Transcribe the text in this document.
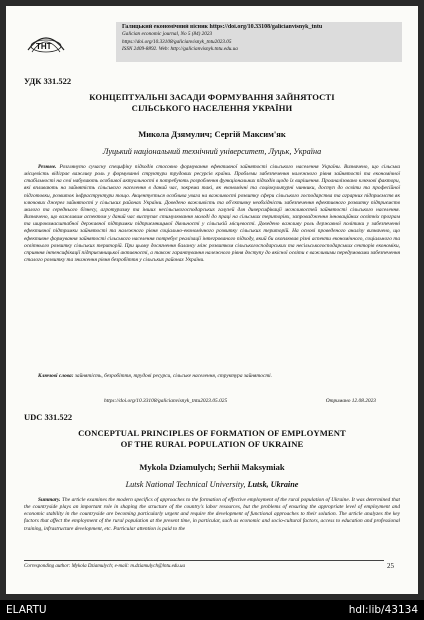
ТНТ
Галицький економічний вісник https://doi.org/10.33108/galicianvisnyk_tntu
Galician economic journal, No 5 (84) 2023
https://doi.org/10.33108/galicianvisnyk_tntu2023.05
ISSN 2409-8892. Web: http://galicianvisnyk.tntu.edu.ua
УДК 331.522
КОНЦЕПТУАЛЬНІ ЗАСАДИ ФОРМУВАННЯ ЗАЙНЯТОСТІ
СІЛЬСЬКОГО НАСЕЛЕННЯ УКРАЇНИ
Микола Дзямулич; Сергій Максим'як
Луцький національний технічний університет, Луцьк, Україна
Резюме. Розглянуто сучасну специфіку підходів стосовно формування ефективної зайнятості сільського населення України. Визначено, що сільська місцевість відіграє важливу роль у формуванні структури трудових ресурсів країни. Проблеми забезпечення належного рівня зайнятості та економічної стабільності на селі набувають особливої актуальності в потребують розроблення функціональних підходів щодо їх вирішення. Проаналізовано ключові фактори, які впливають на зайнятість сільського населення в даний час, зокрема такі, як економічні та соціокультурні чинники, доступ до освіти та професійної підготовки, розвиток інфраструктури тощо. Акцентується особлива увага на важливості розвитку сфери сільського господарства та аграрних підприємств як ключових джерел зайнятості у сільських районах України. Доведено важливість та об'єктивну необхідність забезпечення ефективного розвитку підприємств малого та середнього бізнесу, агротуризму та інших несільськогосподарських галузей для диверсифікації можливостей зайнятості сільського населення. Визначено, що важливим аспектом у даний час виступає стимулювання молоді до праці на сільських територіях, запровадження інноваційних освітніх програм та широкомасштабної державної підтримки підприємницької діяльності у сільській місцевості. Доведено важливу роль державної політики у забезпеченні ефективної підтримки зайнятості та належного рівня соціально-економічного розвитку сільських територій. На основі проведеного аналізу визначено, що ефективне формування зайнятості сільського населення потребує реалізації інтегрованого підходу, який би охоплював різні аспекти економічного, соціального та освітнього розвитку сільських територій. При цьому досягнення балансу між розвитком сільськогосподарських та несільськогосподарських секторів економіки, сприяння інтенсифікації підприємницької активності, а також гарантування належного рівня доступу до якісної освіти є важливими передумовами забезпечення сталого розвитку та зниження рівня безробіття у сільських районах України.
Ключові слова: зайнятість, безробіття, трудові ресурси, сільське населення, структура зайнятості.
https://doi.org/10.33108/galicianvisnyk_tntu2023.05.025	Отримано 12.08.2023
UDC 331.522
CONCEPTUAL PRINCIPLES OF FORMATION OF EMPLOYMENT
OF THE RURAL POPULATION OF UKRAINE
Mykola Dziamulych; Serhii Maksymiak
Lutsk National Technical University, Lutsk, Ukraine
Summary. The article examines the modern specifics of approaches to the formation of effective employment of the rural population of Ukraine. It was determined that the countryside plays an important role in shaping the structure of the country's labor resources, but the problems of ensuring the appropriate level of employment and economic stability in the countryside are becoming particularly urgent and require the development of functional approaches to their solution. The article analyzes the key factors that affect the employment of the rural population at the present time, in particular, such as economic and socio-cultural factors, access to education and professional training, infrastructure development, etc. Particular attention is paid to the
Corresponding author: Mykola Dziamulych; e-mail: m.dziamulych@lntu.edu.ua	25
ELARTU	hdl:lib/43134
